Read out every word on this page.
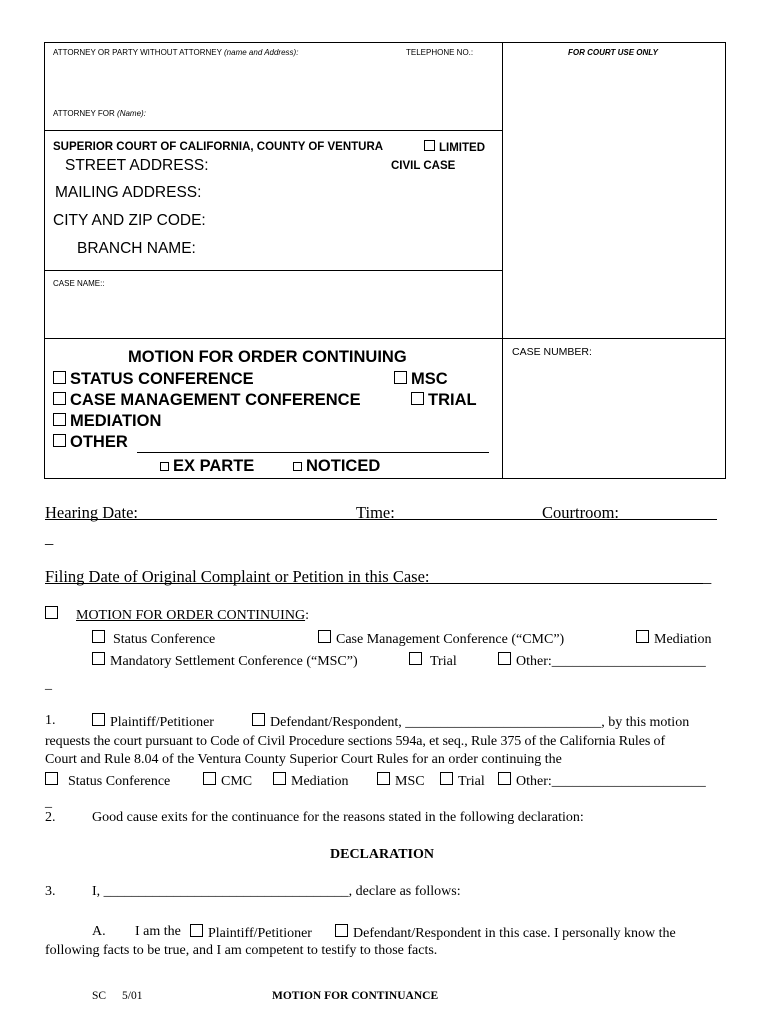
ATTORNEY OR PARTY WITHOUT ATTORNEY (name and Address):	TELEPHONE NO.:	FOR COURT USE ONLY
ATTORNEY FOR (Name):
SUPERIOR COURT OF CALIFORNIA, COUNTY OF VENTURA	LIMITED
CIVIL CASE
STREET ADDRESS:
MAILING ADDRESS:
CITY AND ZIP CODE:
BRANCH NAME:
CASE NAME::
CASE NUMBER:
MOTION FOR ORDER CONTINUING
STATUS CONFERENCE	MSC
CASE MANAGEMENT CONFERENCE	TRIAL
MEDIATION
OTHER
EX PARTE	NOTICED
Hearing Date:	Time:	Courtroom:
_
Filing Date of Original Complaint or Petition in this Case:	_
MOTION FOR ORDER CONTINUING:
Status Conference	Case Management Conference (“CMC”)	Mediation
Mandatory Settlement Conference (“MSC”)	Trial	Other:______________________
_
1.	Plaintiff/Petitioner	Defendant/Respondent, ____________________________, by this motion
requests the court pursuant to Code of Civil Procedure sections 594a, et seq., Rule 375 of the California Rules of
Court and Rule 8.04 of the Ventura County Superior Court Rules for an order continuing the
Status Conference	CMC	Mediation	MSC	Trial	Other:______________________
_
2.	Good cause exits for the continuance for the reasons stated in the following declaration:
DECLARATION
3.	I, ___________________________________, declare as follows:
A. I am the	Plaintiff/Petitioner	Defendant/Respondent in this case. I personally know the
following facts to be true, and I am competent to testify to those facts.
SC 5/01	MOTION FOR CONTINUANCE
